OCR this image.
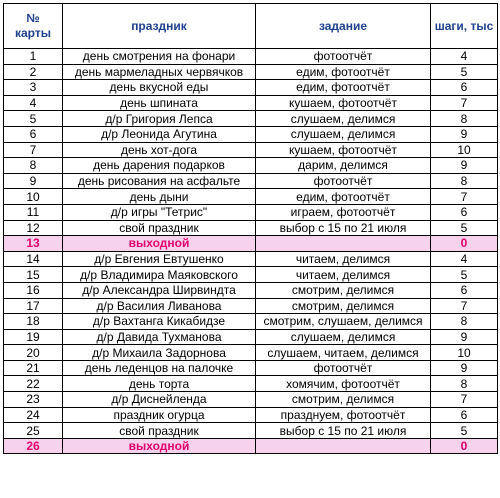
№
карты	праздник	задание	шаги, тыс
1	день смотрения на фонари	фотоотчёт	4
2	день мармеладных червячков	едим, фотоотчёт	5
3	день вкусной еды	едим, фотоотчёт	6
4	день шпината	кушаем, фотоотчёт	7
5	д/р Григория Лепса	слушаем, делимся	8
6	д/р Леонида Агутина	слушаем, делимся	9
7	день хот-дога	кушаем, фотоотчёт	10
8	день дарения подарков	дарим, делимся	9
9	день рисования на асфальте	фотоотчёт	8
10	день дыни	едим, фотоотчёт	7
11	д/р игры "Тетрис"	играем, фотоотчёт	6
12	свой праздник	выбор с 15 по 21 июля	5
13	выходной		0
14	д/р Евгения Евтушенко	читаем, делимся	4
15	д/р Владимира Маяковского	читаем, делимся	5
16	д/р Александра Ширвиндта	смотрим, делимся	6
17	д/р Василия Ливанова	смотрим, делимся	7
18	д/р Вахтанга Кикабидзе	смотрим, слушаем, делимся	8
19	д/р Давида Тухманова	слушаем, делимся	9
20	д/р Михаила Задорнова	слушаем, читаем, делимся	10
21	день леденцов на палочке	фотоотчёт	9
22	день торта	хомячим, фотоотчёт	8
23	д/р Диснейленда	смотрим, делимся	7
24	праздник огурца	празднуем, фотоотчёт	6
25	свой праздник	выбор с 15 по 21 июля	5
26	выходной		0
